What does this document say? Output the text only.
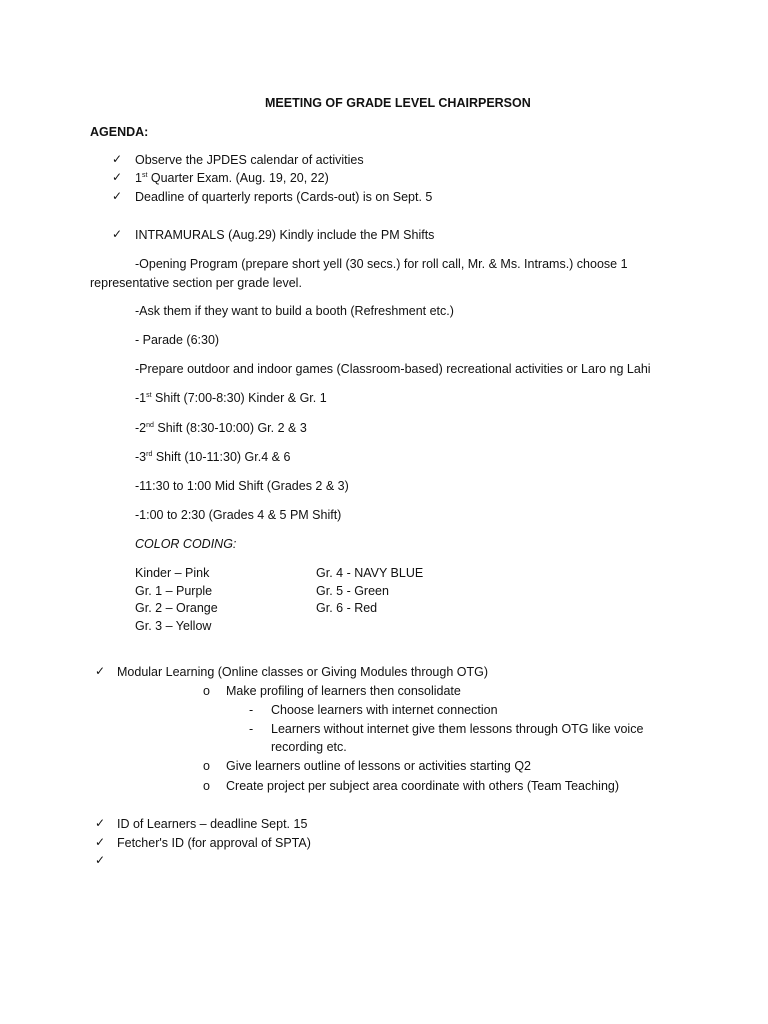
MEETING OF GRADE LEVEL CHAIRPERSON
AGENDA:
✓ Observe the JPDES calendar of activities
✓ 1st Quarter Exam. (Aug. 19, 20, 22)
✓ Deadline of quarterly reports (Cards-out) is on Sept. 5
✓ INTRAMURALS (Aug.29) Kindly include the PM Shifts
-Opening Program (prepare short yell (30 secs.) for roll call, Mr. & Ms. Intrams.) choose 1
representative section per grade level.
-Ask them if they want to build a booth (Refreshment etc.)
- Parade (6:30)
-Prepare outdoor and indoor games (Classroom-based) recreational activities or Laro ng Lahi
-1st Shift (7:00-8:30) Kinder & Gr. 1
-2nd Shift (8:30-10:00) Gr. 2 & 3
-3rd Shift (10-11:30) Gr.4 & 6
-11:30 to 1:00 Mid Shift (Grades 2 & 3)
-1:00 to 2:30 (Grades 4 & 5 PM Shift)
COLOR CODING:
Kinder – Pink
Gr. 1 – Purple
Gr. 2 – Orange
Gr. 3 – Yellow
Gr. 4 - NAVY BLUE
Gr. 5 - Green
Gr. 6 - Red
✓ Modular Learning (Online classes or Giving Modules through OTG)
o Make profiling of learners then consolidate
- Choose learners with internet connection
- Learners without internet give them lessons through OTG like voice
recording etc.
o Give learners outline of lessons or activities starting Q2
o Create project per subject area coordinate with others (Team Teaching)
✓ ID of Learners – deadline Sept. 15
✓ Fetcher's ID (for approval of SPTA)
✓
